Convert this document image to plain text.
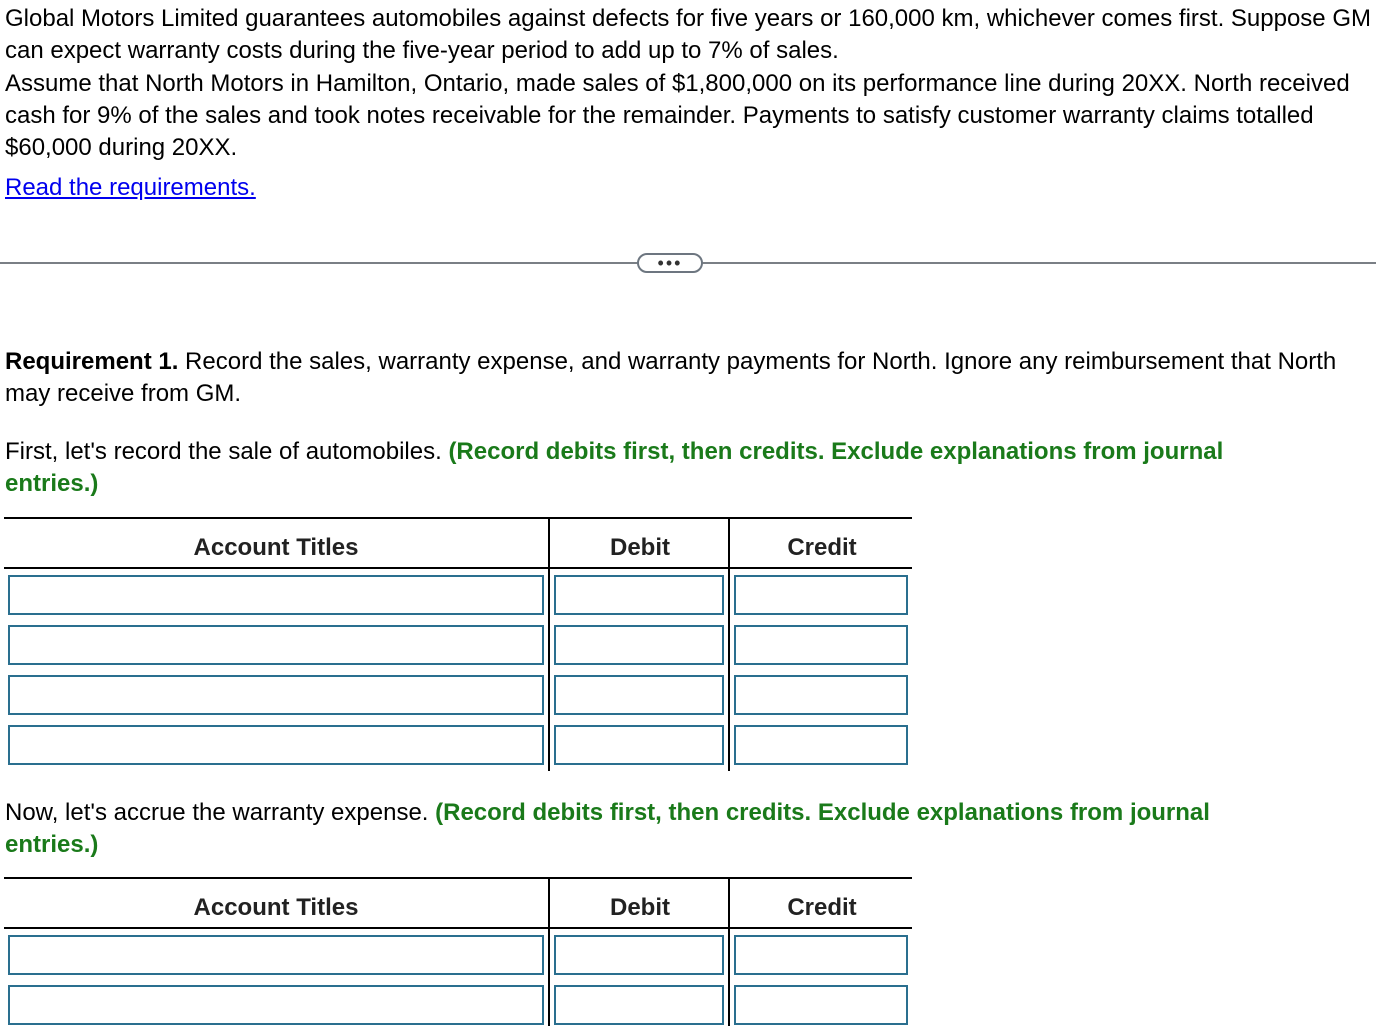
Global Motors Limited guarantees automobiles against defects for five years or 160,000 km, whichever comes first. Suppose GM can expect warranty costs during the five-year period to add up to 7% of sales.

Assume that North Motors in Hamilton, Ontario, made sales of $1,800,000 on its performance line during 20XX. North received cash for 9% of the sales and took notes receivable for the remainder. Payments to satisfy customer warranty claims totalled $60,000 during 20XX.

Read the requirements.
•••
Requirement 1. Record the sales, warranty expense, and warranty payments for North. Ignore any reimbursement that North may receive from GM.
First, let's record the sale of automobiles. (Record debits first, then credits. Exclude explanations from journal entries.)
Account Titles	Debit	Credit
Now, let's accrue the warranty expense. (Record debits first, then credits. Exclude explanations from journal entries.)
Account Titles	Debit	Credit
